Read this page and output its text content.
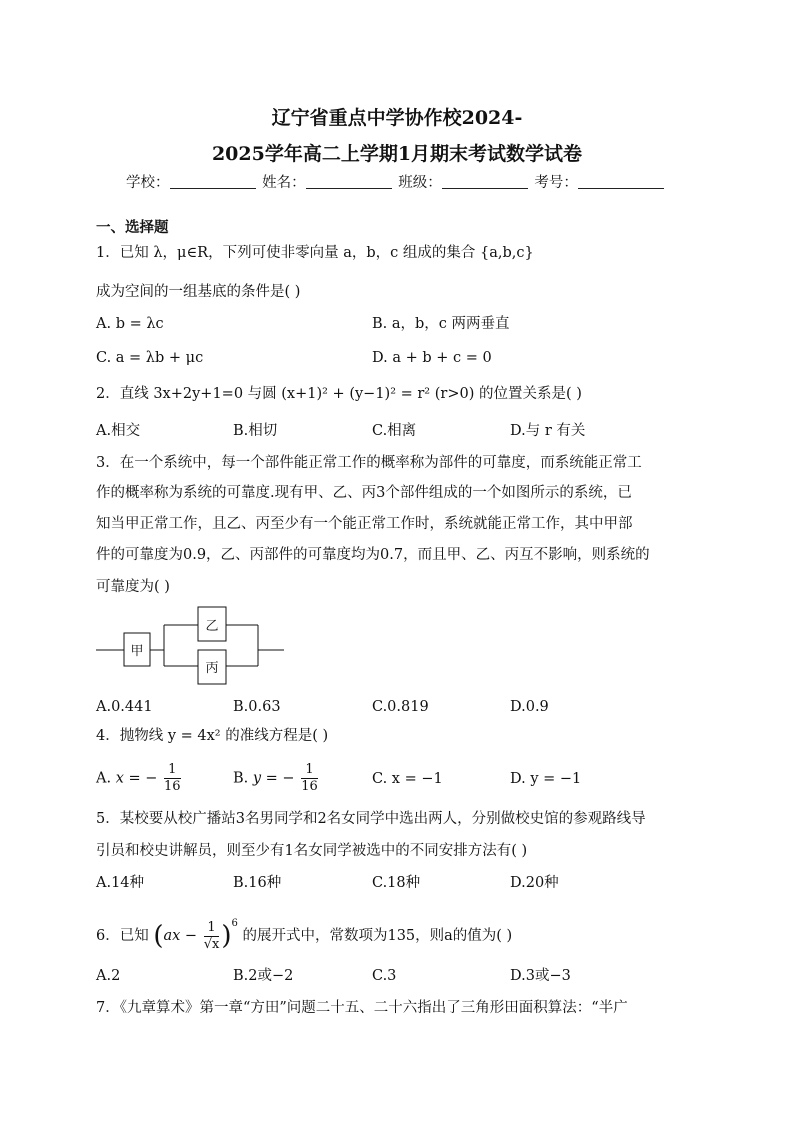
辽宁省重点中学协作校2024-
2025学年高二上学期1月期末考试数学试卷
学校：	姓名：	班级：	考号：
一、选择题
1．已知 λ，μ∈R，下列可使非零向量 a，b，c 组成的集合 {a,b,c}
成为空间的一组基底的条件是( )
A. b = λc	B. a，b，c 两两垂直
C. a = λb + μc	D. a + b + c = 0
2．直线 3x+2y+1=0 与圆 (x+1)² + (y−1)² = r² (r>0) 的位置关系是( )
A.相交	B.相切	C.相离	D.与 r 有关
3．在一个系统中，每一个部件能正常工作的概率称为部件的可靠度，而系统能正常工
作的概率称为系统的可靠度.现有甲、乙、丙3个部件组成的一个如图所示的系统，已
知当甲正常工作，且乙、丙至少有一个能正常工作时，系统就能正常工作，其中甲部
件的可靠度为0.9，乙、丙部件的可靠度均为0.7，而且甲、乙、丙互不影响，则系统的
可靠度为( )
甲
乙
丙
A.0.441	B.0.63	C.0.819	D.0.9
4．抛物线 y = 4x² 的准线方程是( )
A. x = − $\frac{1}{16}$	B. y = − $\frac{1}{16}$	C. x = −1	D. y = −1
5．某校要从校广播站3名男同学和2名女同学中选出两人，分别做校史馆的参观路线导
引员和校史讲解员，则至少有1名女同学被选中的不同安排方法有( )
A.14种	B.16种	C.18种	D.20种
6．已知 $(ax - \frac{1}{√x} )^6$ 的展开式中，常数项为135，则a的值为( )
A.2	B.2或−2	C.3	D.3或−3
7．《九章算术》第一章“方田”问题二十五、二十六指出了三角形田面积算法：“半广
